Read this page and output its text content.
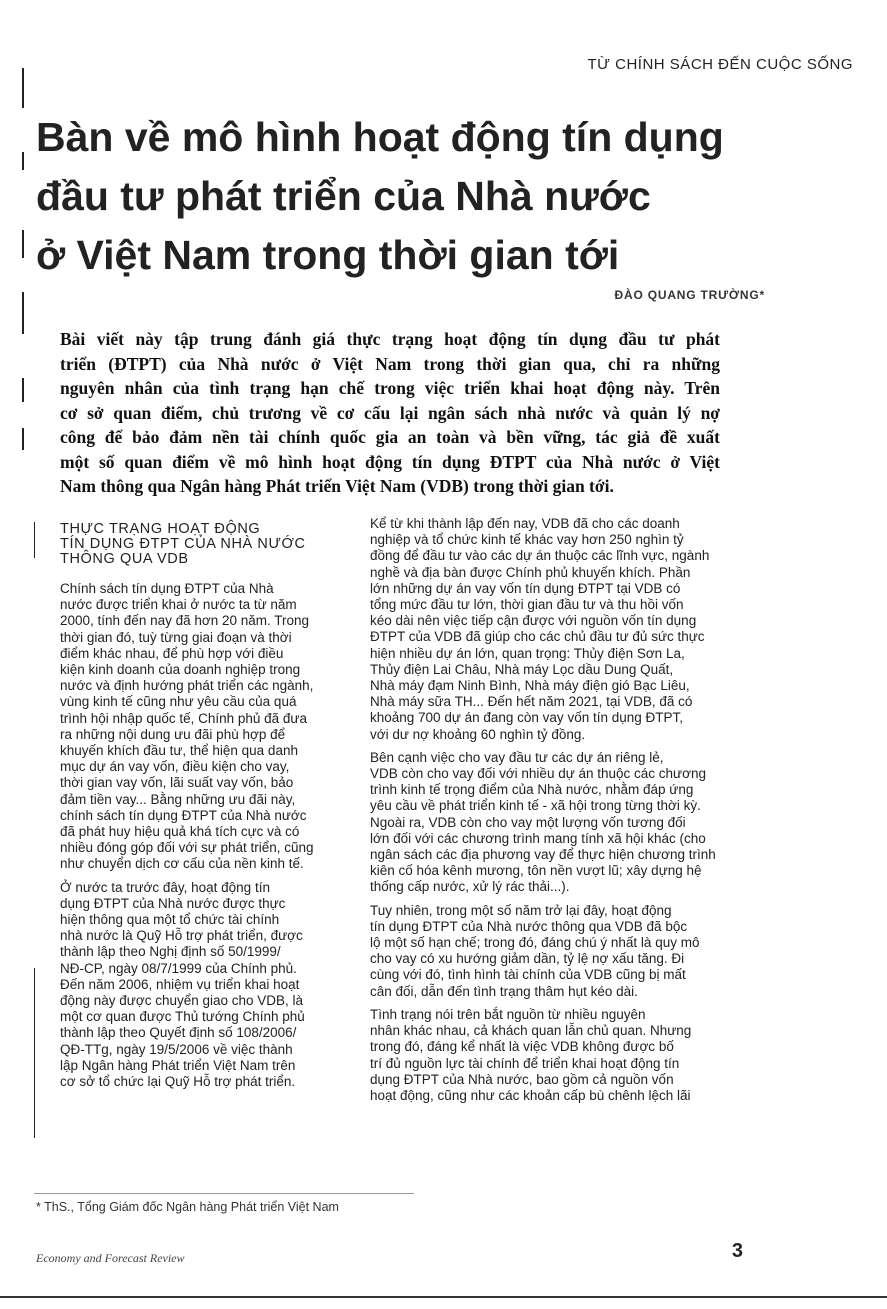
TỪ CHÍNH SÁCH ĐẾN CUỘC SỐNG
Bàn về mô hình hoạt động tín dụng
đầu tư phát triển của Nhà nước
ở Việt Nam trong thời gian tới
ĐÀO QUANG TRƯỜNG*
Bài viết này tập trung đánh giá thực trạng hoạt động tín dụng đầu tư phát
triển (ĐTPT) của Nhà nước ở Việt Nam trong thời gian qua, chỉ ra những
nguyên nhân của tình trạng hạn chế trong việc triển khai hoạt động này. Trên
cơ sở quan điểm, chủ trương về cơ cấu lại ngân sách nhà nước và quản lý nợ
công để bảo đảm nền tài chính quốc gia an toàn và bền vững, tác giả đề xuất
một số quan điểm về mô hình hoạt động tín dụng ĐTPT của Nhà nước ở Việt
Nam thông qua Ngân hàng Phát triển Việt Nam (VDB) trong thời gian tới.
THỰC TRẠNG HOẠT ĐỘNG
TÍN DỤNG ĐTPT CỦA NHÀ NƯỚC
THÔNG QUA VDB
Chính sách tín dụng ĐTPT của Nhà
nước được triển khai ở nước ta từ năm
2000, tính đến nay đã hơn 20 năm. Trong
thời gian đó, tuỳ từng giai đoạn và thời
điểm khác nhau, để phù hợp với điều
kiện kinh doanh của doanh nghiệp trong
nước và định hướng phát triển các ngành,
vùng kinh tế cũng như yêu cầu của quá
trình hội nhập quốc tế, Chính phủ đã đưa
ra những nội dung ưu đãi phù hợp để
khuyến khích đầu tư, thể hiện qua danh
mục dự án vay vốn, điều kiện cho vay,
thời gian vay vốn, lãi suất vay vốn, bảo
đảm tiền vay... Bằng những ưu đãi này,
chính sách tín dụng ĐTPT của Nhà nước
đã phát huy hiệu quả khá tích cực và có
nhiều đóng góp đối với sự phát triển, cũng
như chuyển dịch cơ cấu của nền kinh tế.
Ở nước ta trước đây, hoạt động tín
dụng ĐTPT của Nhà nước được thực
hiện thông qua một tổ chức tài chính
nhà nước là Quỹ Hỗ trợ phát triển, được
thành lập theo Nghị định số 50/1999/
NĐ-CP, ngày 08/7/1999 của Chính phủ.
Đến năm 2006, nhiệm vụ triển khai hoạt
động này được chuyển giao cho VDB, là
một cơ quan được Thủ tướng Chính phủ
thành lập theo Quyết định số 108/2006/
QĐ-TTg, ngày 19/5/2006 về việc thành
lập Ngân hàng Phát triển Việt Nam trên
cơ sở tổ chức lại Quỹ Hỗ trợ phát triển.
Kể từ khi thành lập đến nay, VDB đã cho các doanh
nghiệp và tổ chức kinh tế khác vay hơn 250 nghìn tỷ
đồng để đầu tư vào các dự án thuộc các lĩnh vực, ngành
nghề và địa bàn được Chính phủ khuyến khích. Phần
lớn những dự án vay vốn tín dụng ĐTPT tại VDB có
tổng mức đầu tư lớn, thời gian đầu tư và thu hồi vốn
kéo dài nên việc tiếp cận được với nguồn vốn tín dụng
ĐTPT của VDB đã giúp cho các chủ đầu tư đủ sức thực
hiện nhiều dự án lớn, quan trọng: Thủy điện Sơn La,
Thủy điện Lai Châu, Nhà máy Lọc dầu Dung Quất,
Nhà máy đạm Ninh Bình, Nhà máy điện gió Bạc Liêu,
Nhà máy sữa TH... Đến hết năm 2021, tại VDB, đã có
khoảng 700 dự án đang còn vay vốn tín dụng ĐTPT,
với dư nợ khoảng 60 nghìn tỷ đồng.
Bên cạnh việc cho vay đầu tư các dự án riêng lẻ,
VDB còn cho vay đối với nhiều dự án thuộc các chương
trình kinh tế trọng điểm của Nhà nước, nhằm đáp ứng
yêu cầu về phát triển kinh tế - xã hội trong từng thời kỳ.
Ngoài ra, VDB còn cho vay một lượng vốn tương đối
lớn đối với các chương trình mang tính xã hội khác (cho
ngân sách các địa phương vay để thực hiện chương trình
kiên cố hóa kênh mương, tôn nền vượt lũ; xây dựng hệ
thống cấp nước, xử lý rác thải...).
Tuy nhiên, trong một số năm trở lại đây, hoạt động
tín dụng ĐTPT của Nhà nước thông qua VDB đã bộc
lộ một số hạn chế; trong đó, đáng chú ý nhất là quy mô
cho vay có xu hướng giảm dần, tỷ lệ nợ xấu tăng. Đi
cùng với đó, tình hình tài chính của VDB cũng bị mất
cân đối, dẫn đến tình trạng thâm hụt kéo dài.
Tình trạng nói trên bắt nguồn từ nhiều nguyên
nhân khác nhau, cả khách quan lẫn chủ quan. Nhưng
trong đó, đáng kể nhất là việc VDB không được bố
trí đủ nguồn lực tài chính để triển khai hoạt động tín
dụng ĐTPT của Nhà nước, bao gồm cả nguồn vốn
hoạt động, cũng như các khoản cấp bù chênh lệch lãi
* ThS., Tổng Giám đốc Ngân hàng Phát triển Việt Nam
Economy and Forecast Review	3
